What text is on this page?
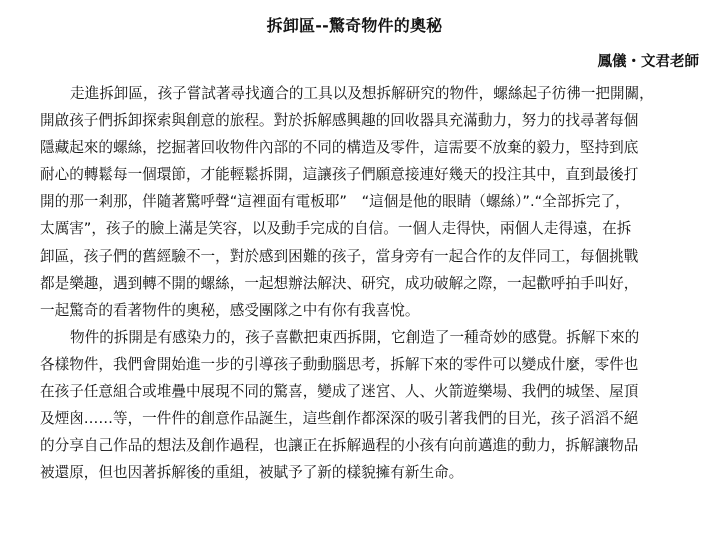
拆卸區--驚奇物件的奧秘
鳳儀・文君老師
走進拆卸區，孩子嘗試著尋找適合的工具以及想拆解研究的物件，螺絲起子彷彿一把開關，
開啟孩子們拆卸探索與創意的旅程。對於拆解感興趣的回收器具充滿動力，努力的找尋著每個
隱藏起來的螺絲，挖掘著回收物件內部的不同的構造及零件，這需要不放棄的毅力，堅持到底
耐心的轉鬆每一個環節，才能輕鬆拆開，這讓孩子們願意接連好幾天的投注其中，直到最後打
開的那一剎那，伴隨著驚呼聲“這裡面有電板耶”　“這個是他的眼睛（螺絲）”.“全部拆完了，
太厲害”，孩子的臉上滿是笑容，以及動手完成的自信。一個人走得快，兩個人走得遠，在拆
卸區，孩子們的舊經驗不一，對於感到困難的孩子，當身旁有一起合作的友伴同工，每個挑戰
都是樂趣，遇到轉不開的螺絲，一起想辦法解決、研究，成功破解之際，一起歡呼拍手叫好，
一起驚奇的看著物件的奧秘，感受團隊之中有你有我喜悅。
物件的拆開是有感染力的，孩子喜歡把東西拆開，它創造了一種奇妙的感覺。拆解下來的
各樣物件，我們會開始進一步的引導孩子動動腦思考，拆解下來的零件可以變成什麼，零件也
在孩子任意組合或堆疊中展現不同的驚喜，變成了迷宮、人、火箭遊樂場、我們的城堡、屋頂
及煙囪……等，一件件的創意作品誕生，這些創作都深深的吸引著我們的目光，孩子滔滔不絕
的分享自己作品的想法及創作過程，也讓正在拆解過程的小孩有向前邁進的動力，拆解讓物品
被還原，但也因著拆解後的重組，被賦予了新的樣貌擁有新生命。
